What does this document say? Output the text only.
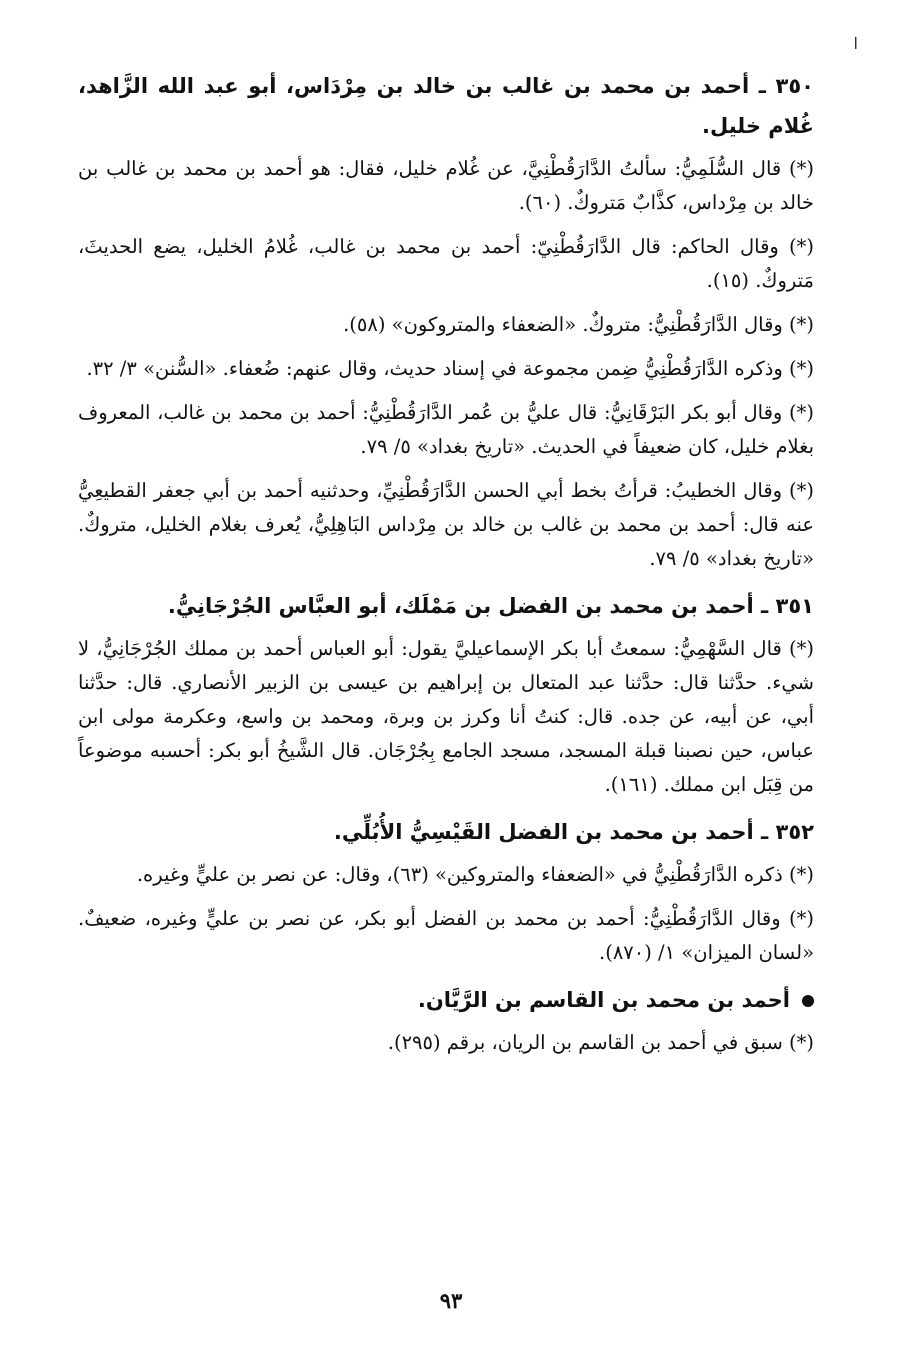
ا
٣٥٠ ـ أحمد بن محمد بن غالب بن خالد بن مِرْدَاس، أبو عبد الله الزَّاهد، غُلام خليل.

(*) قال السُّلَمِيُّ: سألتُ الدَّارَقُطْنِيَّ، عن غُلام خليل، فقال: هو أحمد بن محمد بن غالب بن خالد بن مِرْداس، كذَّابٌ مَتروكٌ. (٦٠).

(*) وقال الحاكم: قال الدَّارَقُطْنِيّ: أحمد بن محمد بن غالب، غُلامُ الخليل، يضع الحديثَ، مَتروكٌ. (١٥).

(*) وقال الدَّارَقُطْنِيُّ: متروكٌ. «الضعفاء والمتروكون» (٥٨).

(*) وذكره الدَّارَقُطْنِيُّ ضِمن مجموعة في إسناد حديث، وقال عنهم: ضُعفاء. «السُّنن» ٣/ ٣٢.

(*) وقال أبو بكر البَرْقَانِيُّ: قال عليُّ بن عُمر الدَّارَقُطْنِيُّ: أحمد بن محمد بن غالب، المعروف بغلام خليل، كان ضعيفاً في الحديث. «تاريخ بغداد» ٥/ ٧٩.

(*) وقال الخطيبُ: قرأتُ بخط أبي الحسن الدَّارَقُطْنِيِّ، وحدثنيه أحمد بن أبي جعفر القطيعِيُّ عنه قال: أحمد بن محمد بن غالب بن خالد بن مِرْداس البَاهِلِيُّ، يُعرف بغلام الخليل، متروكٌ. «تاريخ بغداد» ٥/ ٧٩.

٣٥١ ـ أحمد بن محمد بن الفضل بن مَمْلَك، أبو العبَّاس الجُرْجَانِيُّ.

(*) قال السَّهْمِيُّ: سمعتُ أبا بكر الإسماعيليَّ يقول: أبو العباس أحمد بن مملك الجُرْجَانِيُّ، لا شيء. حدَّثنا قال: حدَّثنا عبد المتعال بن إبراهيم بن عيسى بن الزبير الأنصاري. قال: حدَّثنا أبي، عن أبيه، عن جده. قال: كنتُ أنا وكرز بن وبرة، ومحمد بن واسع، وعكرمة مولى ابن عباس، حين نصبنا قبلة المسجد، مسجد الجامع بِجُرْجَان. قال الشَّيخُ أبو بكر: أحسبه موضوعاً من قِبَل ابن مملك. (١٦١).

٣٥٢ ـ أحمد بن محمد بن الفضل القَيْسِيُّ الأُبُلِّي.

(*) ذكره الدَّارَقُطْنِيُّ في «الضعفاء والمتروكين» (٦٣)، وقال: عن نصر بن عليٍّ وغيره.

(*) وقال الدَّارَقُطْنِيُّ: أحمد بن محمد بن الفضل أبو بكر، عن نصر بن عليٍّ وغيره، ضعيفٌ. «لسان الميزان» ١/ (٨٧٠).

أحمد بن محمد بن القاسم بن الرَّيَّان.

(*) سبق في أحمد بن القاسم بن الريان، برقم (٢٩٥).

٩٣
